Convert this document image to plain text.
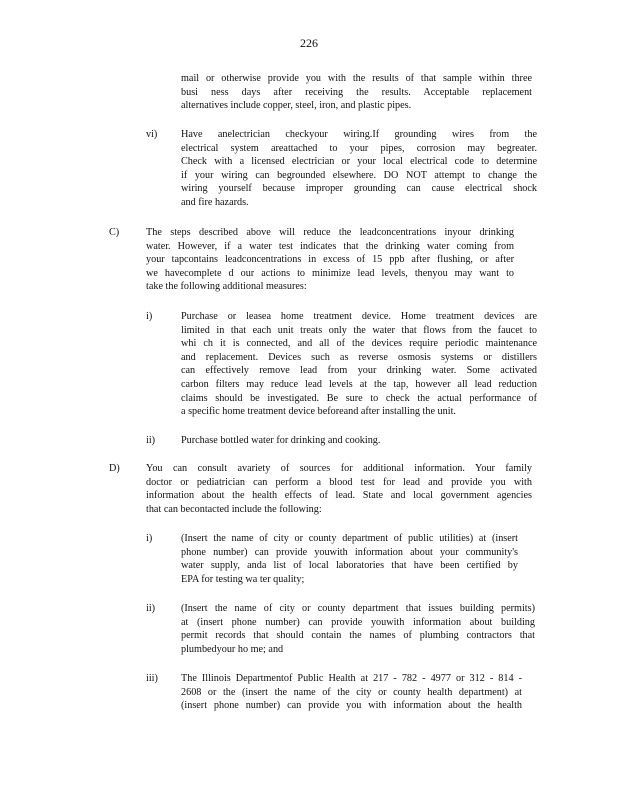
226
mail or otherwise provide you with the results of that sample within three
busi ness days after receiving the results. Acceptable replacement
alternatives include copper, steel, iron, and plastic pipes.
vi) Have anelectrician checkyour wiring.If grounding wires from the
electrical system areattached to your pipes, corrosion may begreater.
Check with a licensed electrician or your local electrical code to determine
if your wiring can begrounded elsewhere. DO NOT attempt to change the
wiring yourself because improper grounding can cause electrical shock
and fire hazards.
C)	The steps described above will reduce the leadconcentrations inyour drinking
water. However, if a water test indicates that the drinking water coming from
your tapcontains leadconcentrations in excess of 15 ppb after flushing, or after
we havecomplete d our actions to minimize lead levels, thenyou may want to
take the following additional measures:
i)	Purchase or leasea home treatment device. Home treatment devices are
limited in that each unit treats only the water that flows from the faucet to
whi ch it is connected, and all of the devices require periodic maintenance
and replacement. Devices such as reverse osmosis systems or distillers
can effectively remove lead from your drinking water. Some activated
carbon filters may reduce lead levels at the tap, however all lead reduction
claims should be investigated. Be sure to check the actual performance of
a specific home treatment device beforeand after installing the unit.
ii)	Purchase bottled water for drinking and cooking.
D)	You can consult avariety of sources for additional information. Your family
doctor or pediatrician can perform a blood test for lead and provide you with
information about the health effects of lead. State and local government agencies
that can becontacted include the following:
i)	(Insert the name of city or county department of public utilities) at (insert
phone number) can provide youwith information about your community's
water supply, anda list of local laboratories that have been certified by
EPA for testing wa ter quality;
ii)	(Insert the name of city or county department that issues building permits)
at (insert phone number) can provide youwith information about building
permit records that should contain the names of plumbing contractors that
plumbedyour ho me; and
iii) The Illinois Departmentof Public Health at 217 - 782 - 4977 or 312 - 814 -
2608 or the (insert the name of the city or county health department) at
(insert phone number) can provide you with information about the health
